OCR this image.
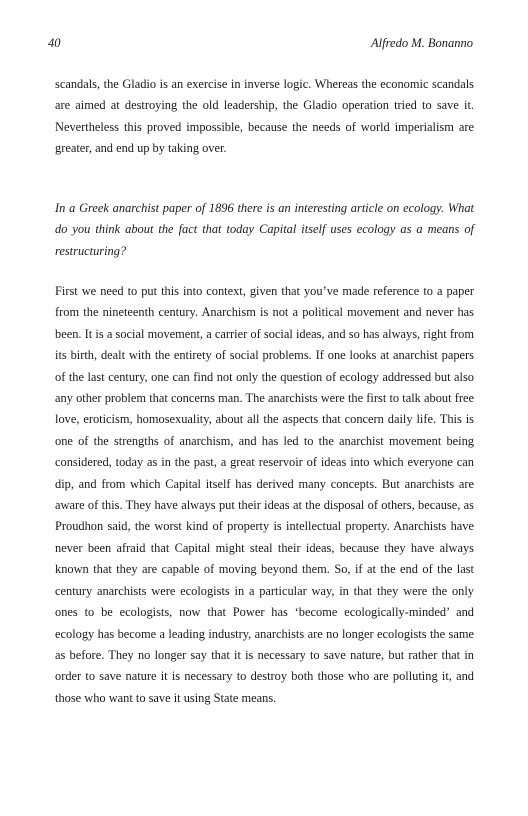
40	Alfredo M. Bonanno

scandals, the Gladio is an exercise in inverse logic. Whereas the economic scandals are aimed at destroying the old leadership, the Gladio operation tried to save it. Nevertheless this proved impossible, because the needs of world imperialism are greater, and end up by taking over.

In a Greek anarchist paper of 1896 there is an interesting article on ecology. What do you think about the fact that today Capital itself uses ecology as a means of restructuring?

First we need to put this into context, given that you’ve made reference to a paper from the nineteenth century. Anarchism is not a political movement and never has been. It is a social movement, a carrier of social ideas, and so has always, right from its birth, dealt with the entirety of social problems. If one looks at anarchist papers of the last century, one can find not only the question of ecology addressed but also any other problem that concerns man. The anarchists were the first to talk about free love, eroticism, homosexuality, about all the aspects that concern daily life. This is one of the strengths of anarchism, and has led to the anarchist movement being considered, today as in the past, a great reservoir of ideas into which everyone can dip, and from which Capital itself has derived many concepts. But anarchists are aware of this. They have always put their ideas at the disposal of others, because, as Proudhon said, the worst kind of property is intellectual property. Anarchists have never been afraid that Capital might steal their ideas, because they have always known that they are capable of moving beyond them. So, if at the end of the last century anarchists were ecologists in a particular way, in that they were the only ones to be ecologists, now that Power has ‘become ecologically-minded’ and ecology has become a leading industry, anarchists are no longer ecologists the same as before. They no longer say that it is necessary to save nature, but rather that in order to save nature it is necessary to destroy both those who are polluting it, and those who want to save it using State means.
